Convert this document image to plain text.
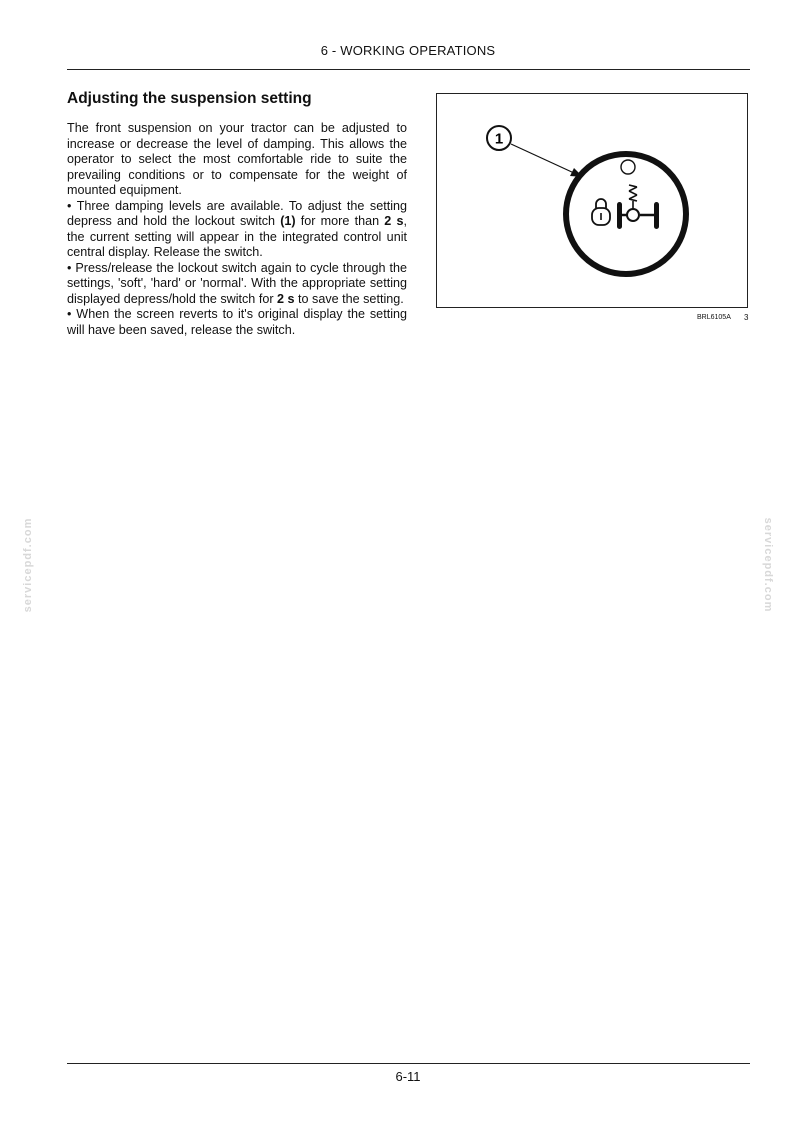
6 - WORKING OPERATIONS
Adjusting the suspension setting

The front suspension on your tractor can be adjusted to increase or decrease the level of damping. This allows the operator to select the most comfortable ride to suite the prevailing conditions or to compensate for the weight of mounted equipment.

• Three damping levels are available. To adjust the setting depress and hold the lockout switch (1) for more than 2 s, the current setting will appear in the integrated control unit central display. Release the switch.

• Press/release the lockout switch again to cycle through the settings, 'soft', 'hard' or 'normal'. With the appropriate setting displayed depress/hold the switch for 2 s to save the setting.

• When the screen reverts to it's original display the setting will have been saved, release the switch.

1
BRL6105A 3
servicepdf.com	servicepdf.com
6-11
